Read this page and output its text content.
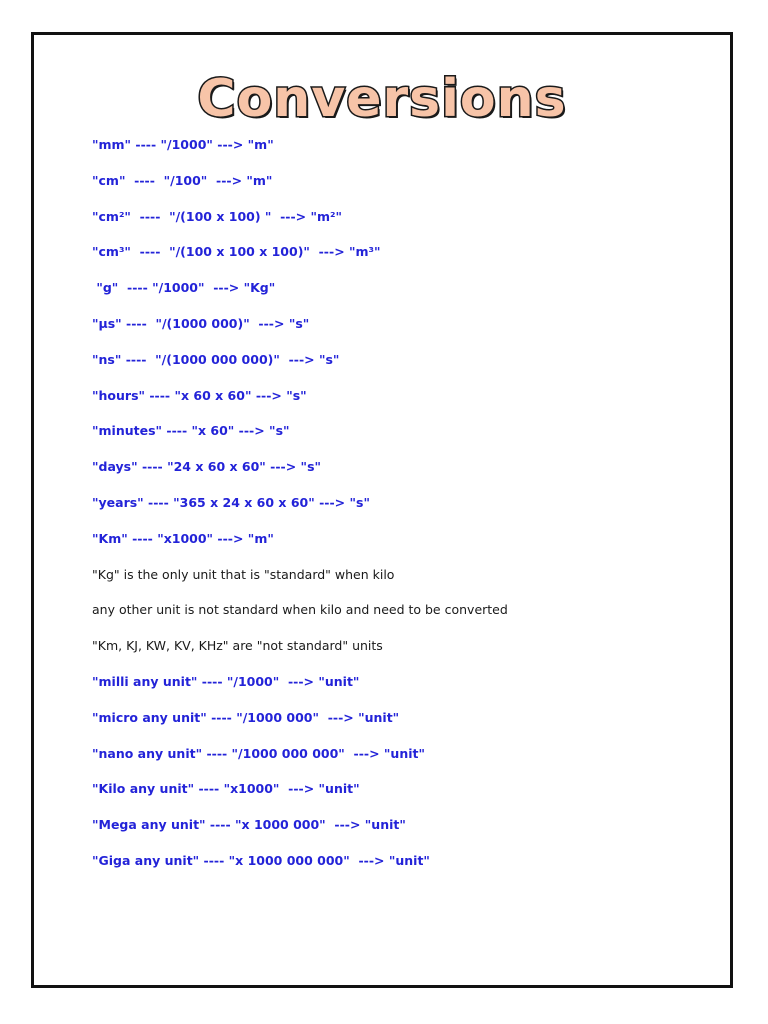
Conversions
"mm" ---- "/1000" ---> "m"
"cm"  ----  "/100"  ---> "m"
"cm²"  ----  "/(100 x 100) "  ---> "m²"
"cm³"  ----  "/(100 x 100 x 100)"  ---> "m³"
"g"  ---- "/1000"  ---> "Kg"
"µs" ----  "/(1000 000)"  ---> "s"
"ns" ----  "/(1000 000 000)"  ---> "s"
"hours" ---- "x 60 x 60" ---> "s"
"minutes" ---- "x 60" ---> "s"
"days" ---- "24 x 60 x 60" ---> "s"
"years" ---- "365 x 24 x 60 x 60" ---> "s"
"Km" ---- "x1000" ---> "m"
"Kg" is the only unit that is "standard" when kilo
any other unit is not standard when kilo and need to be converted
"Km, KJ, KW, KV, KHz" are "not standard" units
"milli any unit" ---- "/1000"  ---> "unit"
"micro any unit" ---- "/1000 000"  ---> "unit"
"nano any unit" ---- "/1000 000 000"  ---> "unit"
"Kilo any unit" ---- "x1000"  ---> "unit"
"Mega any unit" ---- "x 1000 000"  ---> "unit"
"Giga any unit" ---- "x 1000 000 000"  ---> "unit"
